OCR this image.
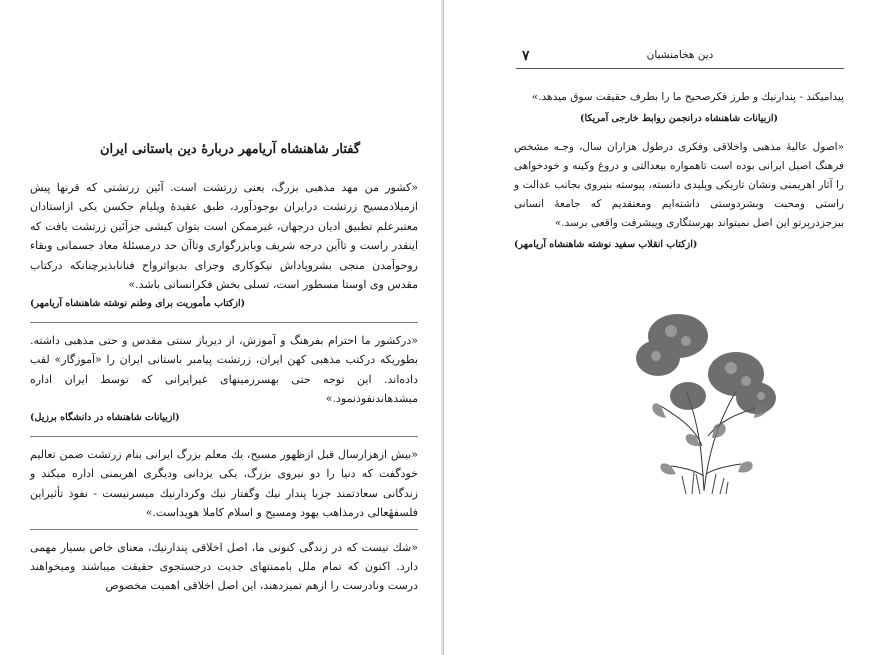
گفتار شاهنشاه آریامهر دربارهٔ دین باستانی ایران

«کشور من مهد مذهبی بزرگ، یعنی زرتشت است. آئین زرتشتی که قرنها پیش ازمیلادمسیح زرتشت درایران بوجودآورد، طبق عقیدهٔ ویلیام جکسن یکی ازاستادان معتبرعلم تطبیق ادیان درجهان، غیرممکن است بتوان کیشی جزآئین زرتشت یافت که اینقدر راست و تاآین درجه شریف وبابزرگواری وتاآن حد درمسئلهٔ معاد جسمانی وبقاء روحوآمدن منجی بشروپاداش نیکوکاری وجزای بدیواثرواح فنانابذیرچنانکه درکتاب مقدس وی اوستا مسطور است، تسلی بخش فکرانسانی باشد.»

(ازکتاب مأموریت برای وطنم نوشته شاهنشاه آریامهر)

«درکشور ما احترام بفرهنگ و آموزش، از دیرباز سنتی مقدس و حتی مذهبی داشته. بطوریکه درکتب مذهبی کهن ایران، زرتشت پیامبر باستانی ایران را «آموزگار» لقب داده‌اند. این توجه حتی بهسرزمینهای غیرایرانی که توسط ایران اداره میشدهاندنفوذنمود.»

(ازبیانات شاهنشاه در دانشگاه برزیل)

«بیش ازهزارسال قبل ازظهور مسیح، یك معلم بزرگ ایرانی بنام زرتشت ضمن تعالیم خودگفت که دنیا را دو نیروی بزرگ، یکی یزدانی ودیگری اهریمنی اداره میکند و زندگانی سعادتمند جزبا پندار نیك وگفتار نیك وکردارنیك میسرنیست - نفوذ تأثیراین فلسفهٔعالی درمذاهب یهود ومسیح و اسلام کاملا هویداست.»

«شك نیست که در زندگی کنونی ما، اصل اخلاقی پندارنیك، معنای خاص بسیار مهمی دارد. اکنون که تمام ملل باممنتهای جدیت درجستجوی حقیقت میباشند ومیخواهند درست ونادرست را ازهم تمیزدهند، این اصل اخلاقی اهمیت مخصوص

۷	دین هخامنشیان

پیدامیکند - پندارنیك و طرز فکرصحیح ما را بطرف حقیقت سوق میدهد.»

(ازبیانات شاهنشاه درانجمن روابط خارجی آمریکا)

«اصول عالیهٔ مذهبی واخلاقی وفکری درطول هزاران سال، وجـه مشخص فرهنگ اصیل ایرانی بوده است تاهمواره بیعدالتی و دروغ وکینه و خودخواهی را آثار اهریمنی ونشان تاریکی وپلیدی دانسته، پیوسته بنیروی بجانب عدالت و راستی ومحبت وبشردوستی داشته‌ایم ومعتقدیم که جامعهٔ انسانی بیزجزدرپرتو این اصل نمیتواند بهرستگاری وپیشرفت واقعی برسد.»

(ازکتاب انقلاب سفید نوشته شاهنشاه آریامهر)
